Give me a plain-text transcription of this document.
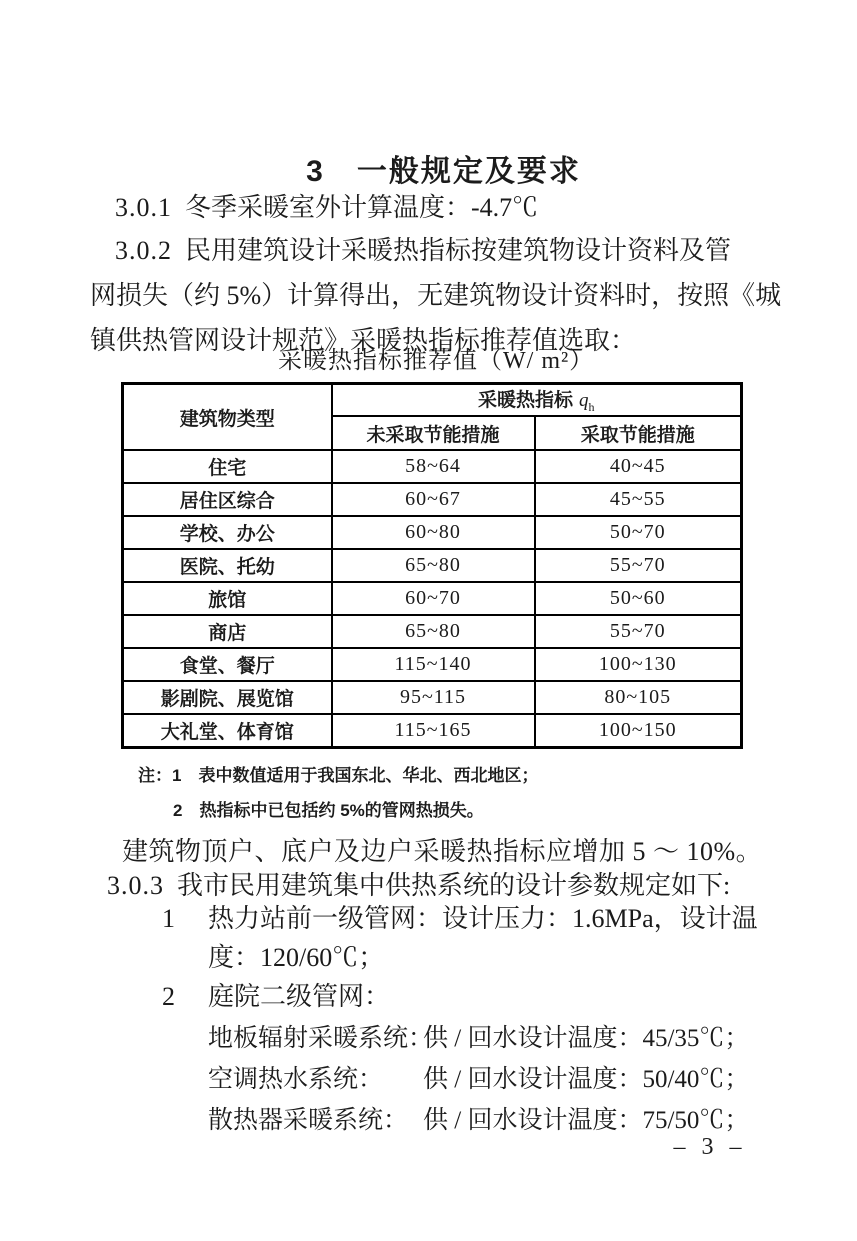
3　一般规定及要求
3.0.1 冬季采暖室外计算温度：-4.7℃
3.0.2 民用建筑设计采暖热指标按建筑物设计资料及管
网损失（约 5%）计算得出，无建筑物设计资料时，按照《城
镇供热管网设计规范》采暖热指标推荐值选取：
采暖热指标推荐值（W/ m²）
建筑物类型	采暖热指标 $q_h$
	未采取节能措施	采取节能措施
住宅	58~64	40~45
居住区综合	60~67	45~55
学校、办公	60~80	50~70
医院、托幼	65~80	55~70
旅馆	60~70	50~60
商店	65~80	55~70
食堂、餐厅	115~140	100~130
影剧院、展览馆	95~115	80~105
大礼堂、体育馆	115~165	100~150
注：1 表中数值适用于我国东北、华北、西北地区；
2 热指标中已包括约 5%的管网热损失。
建筑物顶户、底户及边户采暖热指标应增加 5 ～ 10%。
3.0.3 我市民用建筑集中供热系统的设计参数规定如下:
1 热力站前一级管网：设计压力：1.6MPa，设计温
度：120/60℃；
2 庭院二级管网：
地板辐射采暖系统：供 / 回水设计温度：45/35℃；
空调热水系统： 供 / 回水设计温度：50/40℃；
散热器采暖系统： 供 / 回水设计温度：75/50℃；
– 3 –
